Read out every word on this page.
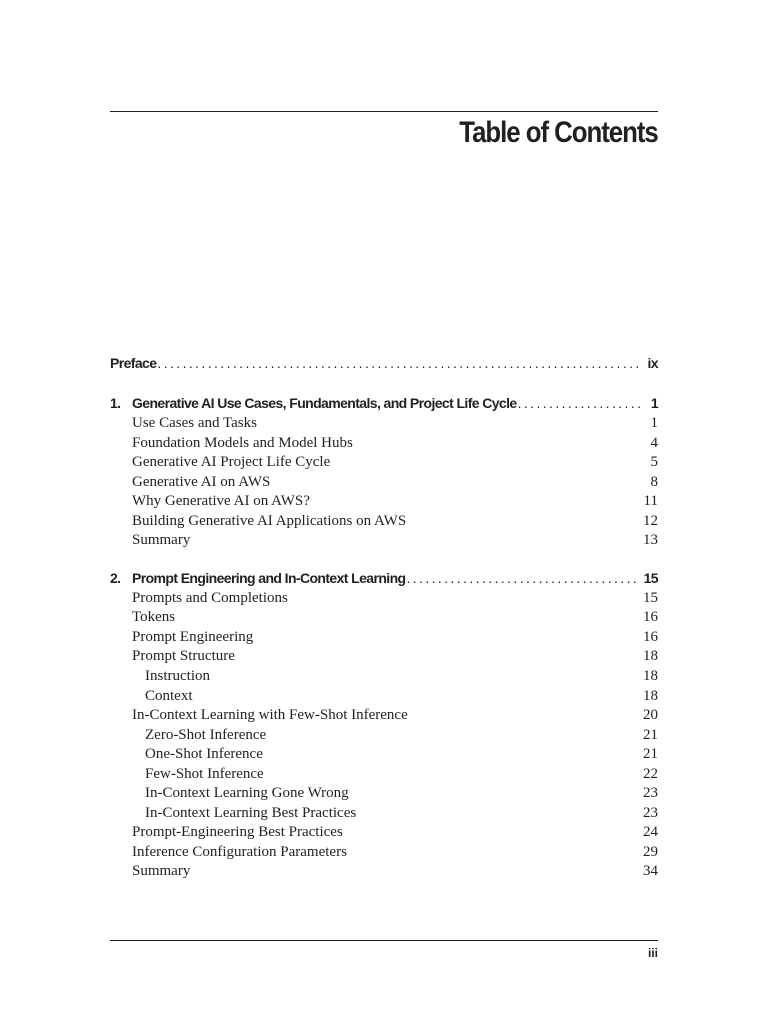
Table of Contents
Preface .....	ix
1. Generative AI Use Cases, Fundamentals, and Project Life Cycle .....	1
Use Cases and Tasks	1
Foundation Models and Model Hubs	4
Generative AI Project Life Cycle	5
Generative AI on AWS	8
Why Generative AI on AWS?	11
Building Generative AI Applications on AWS	12
Summary	13
2. Prompt Engineering and In-Context Learning .....	15
Prompts and Completions	15
Tokens	16
Prompt Engineering	16
Prompt Structure	18
Instruction	18
Context	18
In-Context Learning with Few-Shot Inference	20
Zero-Shot Inference	21
One-Shot Inference	21
Few-Shot Inference	22
In-Context Learning Gone Wrong	23
In-Context Learning Best Practices	23
Prompt-Engineering Best Practices	24
Inference Configuration Parameters	29
Summary	34
iii
